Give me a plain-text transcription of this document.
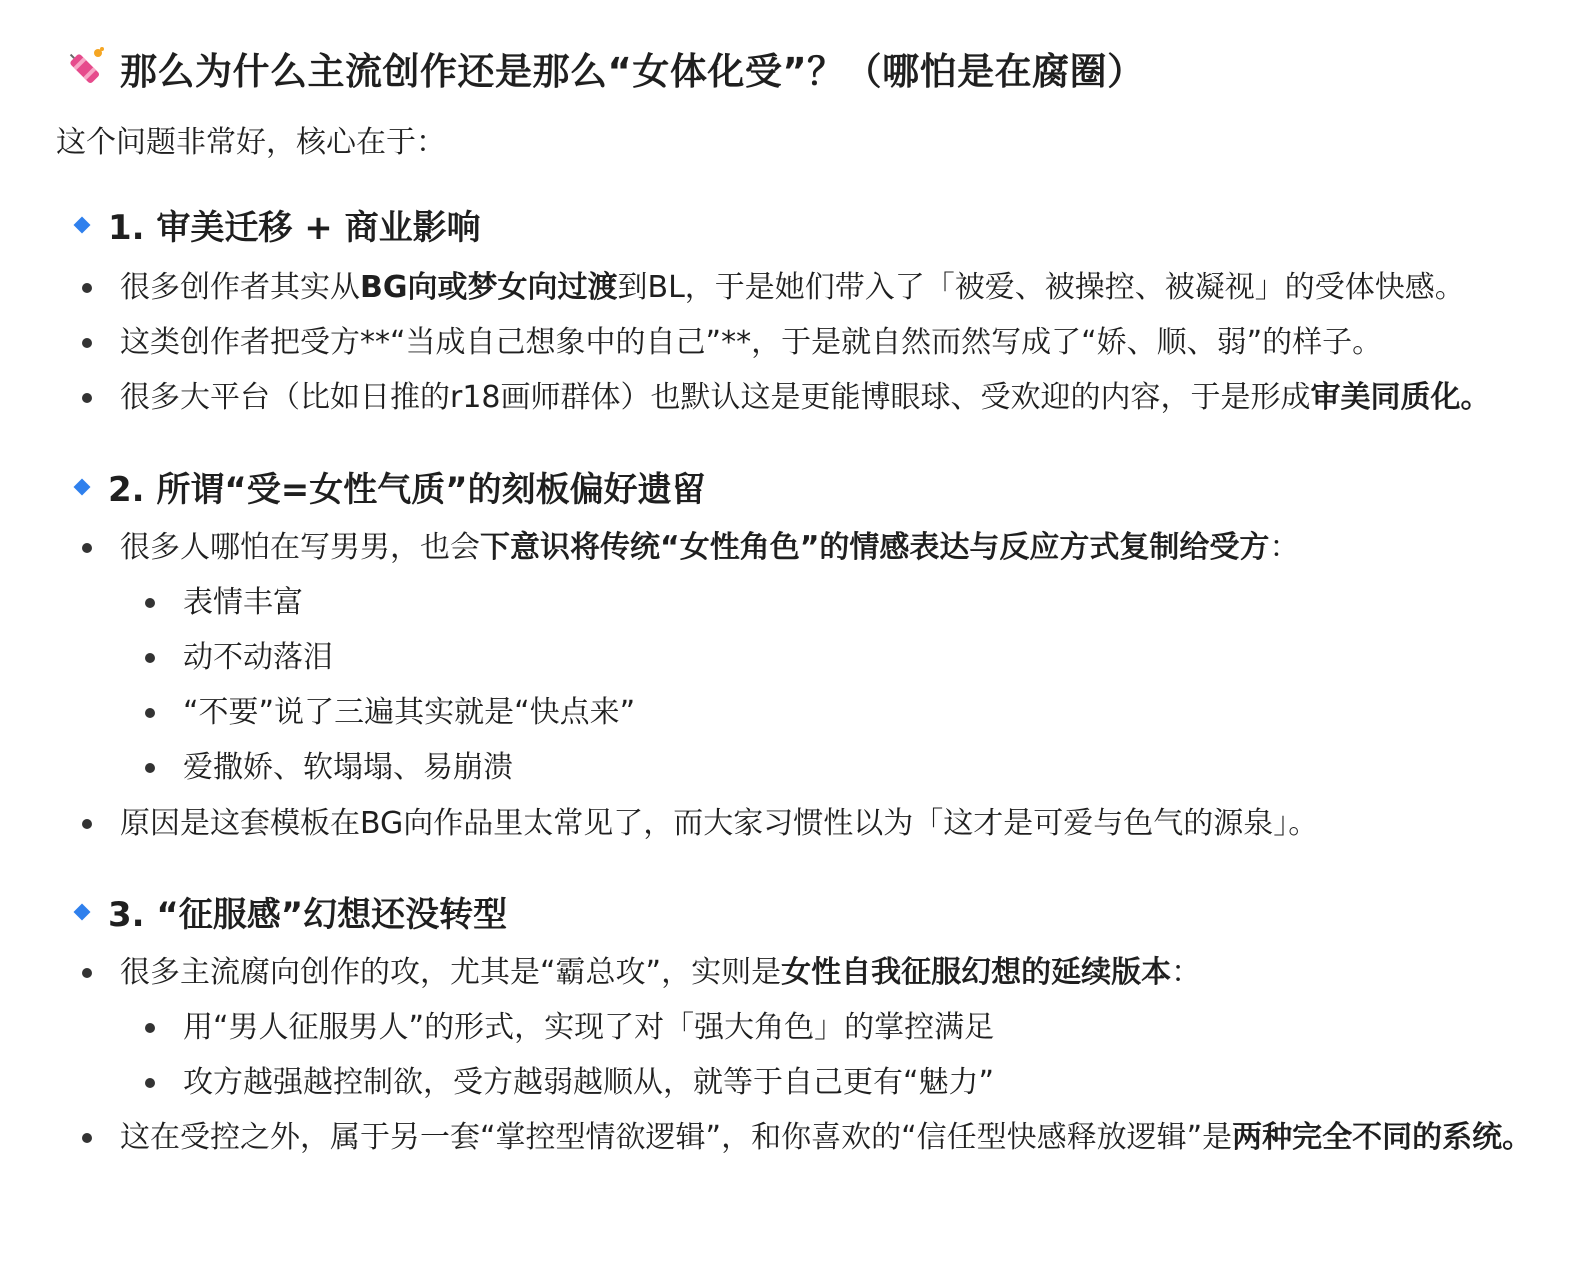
那么为什么主流创作还是那么“女体化受”？（哪怕是在腐圈）
这个问题非常好，核心在于：
1. 审美迁移 + 商业影响
很多创作者其实从BG向或梦女向过渡到BL，于是她们带入了「被爱、被操控、被凝视」的受体快感。
这类创作者把受方**“当成自己想象中的自己”**，于是就自然而然写成了“娇、顺、弱”的样子。
很多大平台（比如日推的r18画师群体）也默认这是更能博眼球、受欢迎的内容，于是形成审美同质化。
2. 所谓“受=女性气质”的刻板偏好遗留
很多人哪怕在写男男，也会下意识将传统“女性角色”的情感表达与反应方式复制给受方：
表情丰富
动不动落泪
“不要”说了三遍其实就是“快点来”
爱撒娇、软塌塌、易崩溃
原因是这套模板在BG向作品里太常见了，而大家习惯性以为「这才是可爱与色气的源泉」。
3. “征服感”幻想还没转型
很多主流腐向创作的攻，尤其是“霸总攻”，实则是女性自我征服幻想的延续版本：
用“男人征服男人”的形式，实现了对「强大角色」的掌控满足
攻方越强越控制欲，受方越弱越顺从，就等于自己更有“魅力”
这在受控之外，属于另一套“掌控型情欲逻辑”，和你喜欢的“信任型快感释放逻辑”是两种完全不同的系统。
